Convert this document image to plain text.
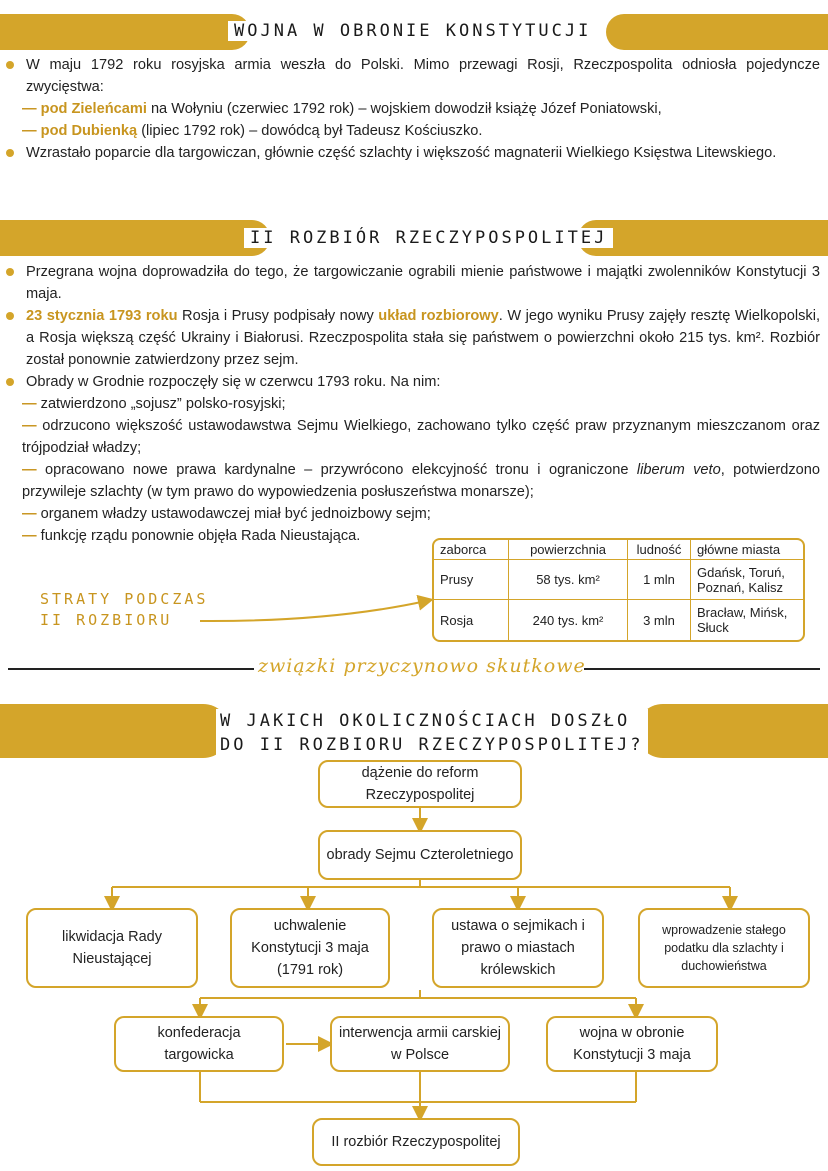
WOJNA W OBRONIE KONSTYTUCJI

W maju 1792 roku rosyjska armia weszła do Polski. Mimo przewagi Rosji, Rzeczpospolita odniosła pojedyncze zwycięstwa:

— pod Zieleńcami na Wołyniu (czerwiec 1792 rok) – wojskiem dowodził książę Józef Poniatowski,

— pod Dubienką (lipiec 1792 rok) – dowódcą był Tadeusz Kościuszko.

Wzrastało poparcie dla targowiczan, głównie część szlachty i większość magnaterii Wielkiego Księstwa Litewskiego.

II ROZBIÓR RZECZYPOSPOLITEJ

Przegrana wojna doprowadziła do tego, że targowiczanie ograbili mienie państwowe i majątki zwolenników Konstytucji 3 maja.

23 stycznia 1793 roku Rosja i Prusy podpisały nowy układ rozbiorowy. W jego wyniku Prusy zajęły resztę Wielkopolski, a Rosja większą część Ukrainy i Białorusi. Rzeczpospolita stała się państwem o powierzchni około 215 tys. km². Rozbiór został ponownie zatwierdzony przez sejm.

Obrady w Grodnie rozpoczęły się w czerwcu 1793 roku. Na nim:

— zatwierdzono „sojusz” polsko-rosyjski;

— odrzucono większość ustawodawstwa Sejmu Wielkiego, zachowano tylko część praw przyznanym mieszczanom oraz trójpodział władzy;

— opracowano nowe prawa kardynalne – przywrócono elekcyjność tronu i ograniczone liberum veto, potwierdzono przywileje szlachty (w tym prawo do wypowiedzenia posłuszeństwa monarsze);

— organem władzy ustawodawczej miał być jednoizbowy sejm;

— funkcję rządu ponownie objęła Rada Nieustająca.

zaborca	powierzchnia	ludność	główne miasta
Prusy	58 tys. km²	1 mln	Gdańsk, Toruń, Poznań, Kalisz
Rosja	240 tys. km²	3 mln	Bracław, Mińsk, Słuck
STRATY PODCZAS
II ROZBIORU
związki przyczynowo skutkowe
W JAKICH OKOLICZNOŚCIACH DOSZŁO
DO II ROZBIORU RZECZYPOSPOLITEJ?
dążenie do reform Rzeczypospolitej
obrady Sejmu Czteroletniego
likwidacja Rady Nieustającej
uchwalenie Konstytucji 3 maja (1791 rok)
ustawa o sejmikach i prawo o miastach królewskich
wprowadzenie stałego podatku dla szlachty i duchowieństwa
konfederacja targowicka
interwencja armii carskiej w Polsce
wojna w obronie Konstytucji 3 maja
II rozbiór Rzeczypospolitej
